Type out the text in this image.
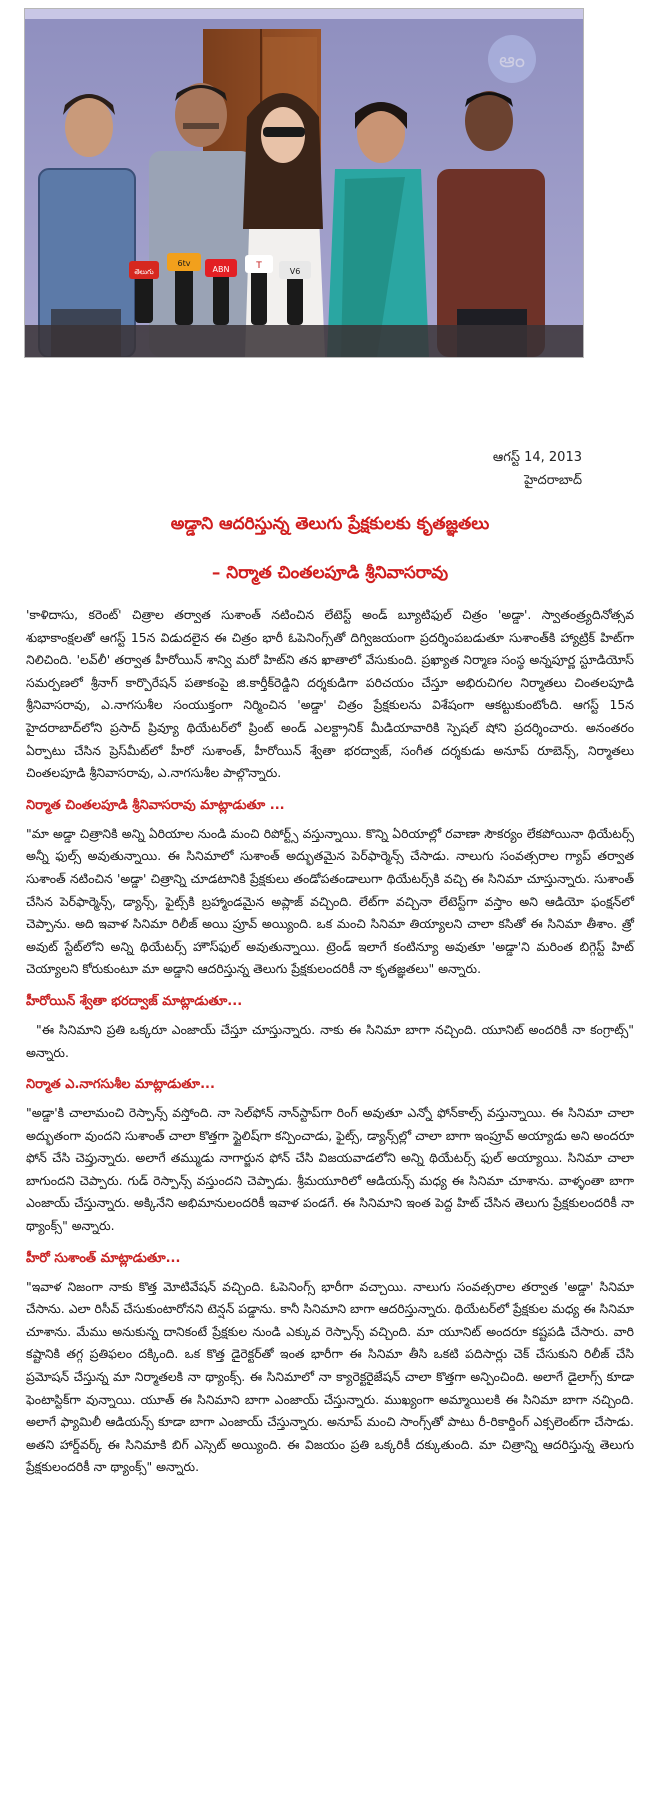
ఆం
తెలుగు
6tv
ABN	T
V6
ఆగస్ట్ 14, 2013
హైదరాబాద్
అడ్డాని ఆదరిస్తున్న తెలుగు ప్రేక్షకులకు కృతజ్ఞతలు
– నిర్మాత చింతలపూడి శ్రీనివాసరావు

'కాళిదాసు, కరెంట్' చిత్రాల తర్వాత సుశాంత్ నటించిన లేటెస్ట్ అండ్ బ్యూటిఫుల్ చిత్రం 'అడ్డా'. స్వాతంత్ర్యదినోత్సవ శుభాకాంక్షలతో ఆగస్ట్ 15న విడుదలైన ఈ చిత్రం భారీ ఓపెనింగ్స్‌తో దిగ్విజయంగా ప్రదర్శింపబడుతూ సుశాంత్‌కి హ్యాట్రిక్ హిట్‌గా నిలిచింది. 'లవ్‌లీ' తర్వాత హీరోయిన్ శాన్వి మరో హిట్‌ని తన ఖాతాలో వేసుకుంది. ప్రఖ్యాత నిర్మాణ సంస్థ అన్నపూర్ణ స్టూడియోస్ సమర్పణలో శ్రీనాగ్ కార్పొరేషన్ పతాకంపై జి.కార్తీక్‌రెడ్డిని దర్శకుడిగా పరిచయం చేస్తూ అభిరుచిగల నిర్మాతలు చింతలపూడి శ్రీనివాసరావు, ఎ.నాగసుశీల సంయుక్తంగా నిర్మించిన 'అడ్డా' చిత్రం ప్రేక్షకులను విశేషంగా ఆకట్టుకుంటోంది. ఆగస్ట్ 15న హైదరాబాద్‌లోని ప్రసాద్ ప్రివ్యూ థియేటర్‌లో ప్రింట్ అండ్ ఎలక్ట్రానిక్ మీడియావారికి స్పెషల్ షోని ప్రదర్శించారు. అనంతరం ఏర్పాటు చేసిన ప్రెస్‌మీట్‌లో హీరో సుశాంత్, హీరోయిన్ శ్వేతా భరద్వాజ్, సంగీత దర్శకుడు అనూప్ రూబెన్స్, నిర్మాతలు చింతలపూడి శ్రీనివాసరావు, ఎ.నాగసుశీల పాల్గొన్నారు.

నిర్మాత చింతలపూడి శ్రీనివాసరావు మాట్లాడుతూ ...

"మా అడ్డా చిత్రానికి అన్ని ఏరియాల నుండి మంచి రిపోర్ట్స్ వస్తున్నాయి. కొన్ని ఏరియాల్లో రవాణా సౌకర్యం లేకపోయినా థియేటర్స్ అన్నీ ఫుల్స్ అవుతున్నాయి. ఈ సినిమాలో సుశాంత్ అద్భుతమైన పెర్‌ఫార్మెన్స్ చేసాడు. నాలుగు సంవత్సరాల గ్యాప్ తర్వాత సుశాంత్ నటించిన 'అడ్డా' చిత్రాన్ని చూడటానికి ప్రేక్షకులు తండోపతండాలుగా థియేటర్స్‌కి వచ్చి ఈ సినిమా చూస్తున్నారు. సుశాంత్ చేసిన పెర్‌ఫార్మెన్స్, డ్యాన్స్, ఫైట్స్‌కి బ్రహ్మాండమైన అప్లాజ్ వచ్చింది. లేట్‌గా వచ్చినా లేటెస్ట్‌గా వస్తాం అని ఆడియో ఫంక్షన్‌లో చెప్పాను. అది ఇవాళ సినిమా రిలీజ్ అయి ప్రూవ్ అయ్యింది. ఒక మంచి సినిమా తియ్యాలని చాలా కసితో ఈ సినిమా తీశాం. త్రో అవుట్ స్టేట్‌లోని అన్ని థియేటర్స్ హౌస్‌ఫుల్ అవుతున్నాయి. ట్రెండ్ ఇలాగే కంటిన్యూ అవుతూ 'అడ్డా'ని మరింత బిగ్గెస్ట్ హిట్ చెయ్యాలని కోరుకుంటూ మా అడ్డాని ఆదరిస్తున్న తెలుగు ప్రేక్షకులందరికీ నా కృతజ్ఞతలు" అన్నారు.

హీరోయిన్ శ్వేతా భరద్వాజ్ మాట్లాడుతూ...

"ఈ సినిమాని ప్రతి ఒక్కరూ ఎంజాయ్ చేస్తూ చూస్తున్నారు. నాకు ఈ సినిమా బాగా నచ్చింది. యూనిట్ అందరికీ నా కంగ్రాట్స్" అన్నారు.

నిర్మాత ఎ.నాగసుశీల మాట్లాడుతూ...

"అడ్డా'కి చాలామంచి రెస్పాన్స్ వస్తోంది. నా సెల్‌ఫోన్ నాన్‌స్టాప్‌గా రింగ్ అవుతూ ఎన్నో ఫోన్‌కాల్స్ వస్తున్నాయి. ఈ సినిమా చాలా అద్భుతంగా వుందని సుశాంత్ చాలా కొత్తగా స్టైలిష్‌గా కన్పించాడు, ఫైట్స్, డ్యాన్స్‌ల్లో చాలా బాగా ఇంప్రూవ్ అయ్యాడు అని అందరూ ఫోన్ చేసి చెప్తున్నారు. అలాగే తమ్ముడు నాగార్జున ఫోన్ చేసి విజయవాడలోని అన్ని థియేటర్స్ ఫుల్ అయ్యాయి. సినిమా చాలా బాగుందని చెప్పారు. గుడ్ రెస్పాన్స్ వస్తుందని చెప్పాడు. శ్రీమయూరిలో ఆడియన్స్ మధ్య ఈ సినిమా చూశాను. వాళ్ళంతా బాగా ఎంజాయ్ చేస్తున్నారు. అక్కినేని అభిమానులందరికీ ఇవాళ పండగే. ఈ సినిమాని ఇంత పెద్ద హిట్ చేసిన తెలుగు ప్రేక్షకులందరికీ నా థ్యాంక్స్" అన్నారు.

హీరో సుశాంత్ మాట్లాడుతూ...

"ఇవాళ నిజంగా నాకు కొత్త మోటివేషన్ వచ్చింది. ఓపెనింగ్స్ భారీగా వచ్చాయి. నాలుగు సంవత్సరాల తర్వాత 'అడ్డా' సినిమా చేసాను. ఎలా రిసీవ్ చేసుకుంటారోనని టెన్షన్ పడ్డాను. కానీ సినిమాని బాగా ఆదరిస్తున్నారు. థియేటర్‌లో ప్రేక్షకుల మధ్య ఈ సినిమా చూశాను. మేము అనుకున్న దానికంటే ప్రేక్షకుల నుండి ఎక్కువ రెస్పాన్స్ వచ్చింది. మా యూనిట్ అందరూ కష్టపడి చేసారు. వారి కష్టానికి తగ్గ ప్రతిఫలం దక్కింది. ఒక కొత్త డైరెక్టర్‌తో ఇంత భారీగా ఈ సినిమా తీసి ఒకటి పదిసార్లు చెక్ చేసుకుని రిలీజ్ చేసి ప్రమోషన్ చేస్తున్న మా నిర్మాతలకి నా థ్యాంక్స్. ఈ సినిమాలో నా క్యారెక్టరైజేషన్ చాలా కొత్తగా అన్పించింది. అలాగే డైలాగ్స్ కూడా ఫెంటాస్టిక్‌గా వున్నాయి. యూత్ ఈ సినిమాని బాగా ఎంజాయ్ చేస్తున్నారు. ముఖ్యంగా అమ్మాయిలకి ఈ సినిమా బాగా నచ్చింది. అలాగే ఫ్యామిలీ ఆడియన్స్ కూడా బాగా ఎంజాయ్ చేస్తున్నారు. అనూప్ మంచి సాంగ్స్‌తో పాటు రీ-రికార్డింగ్ ఎక్సలెంట్‌గా చేసాడు. అతని హార్డ్‌వర్క్ ఈ సినిమాకి బిగ్ ఎస్సెట్ అయ్యింది. ఈ విజయం ప్రతి ఒక్కరికీ దక్కుతుంది. మా చిత్రాన్ని ఆదరిస్తున్న తెలుగు ప్రేక్షకులందరికీ నా థ్యాంక్స్" అన్నారు.
